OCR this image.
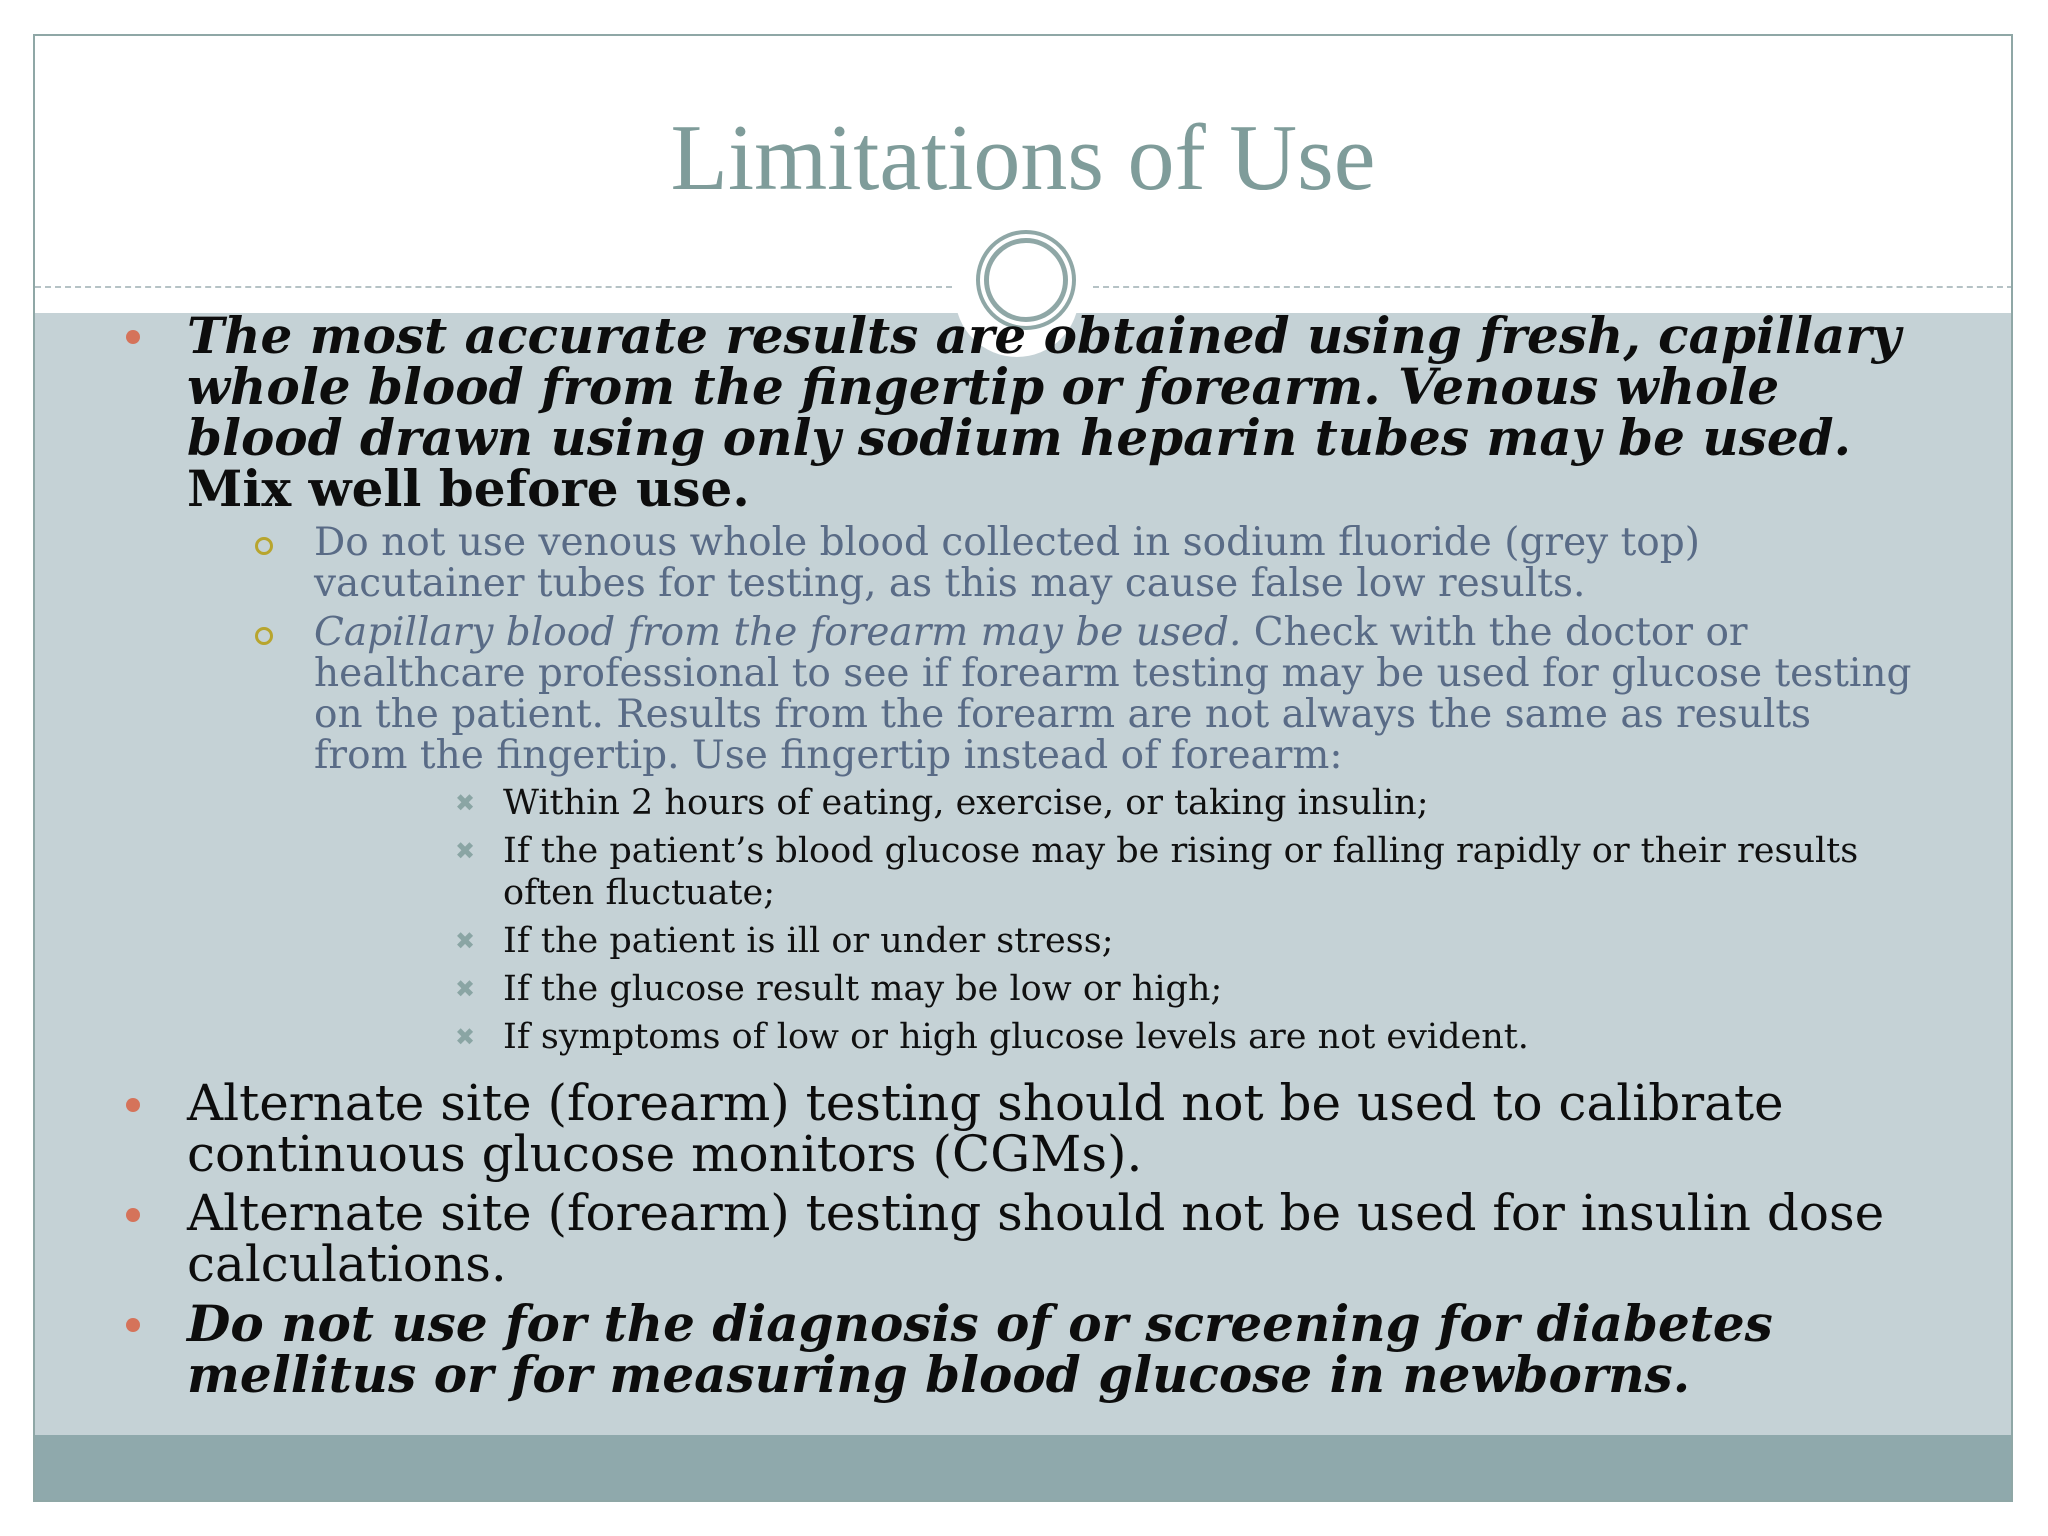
Limitations of Use
The most accurate results are obtained using fresh, capillary whole blood from the fingertip or forearm. Venous whole blood drawn using only sodium heparin tubes may be used. Mix well before use.
Do not use venous whole blood collected in sodium fluoride (grey top) vacutainer tubes for testing, as this may cause false low results.
Capillary blood from the forearm may be used. Check with the doctor or healthcare professional to see if forearm testing may be used for glucose testing on the patient. Results from the forearm are not always the same as results from the fingertip. Use fingertip instead of forearm:
✖ Within 2 hours of eating, exercise, or taking insulin;
✖ If the patient’s blood glucose may be rising or falling rapidly or their results often fluctuate;
✖ If the patient is ill or under stress;
✖ If the glucose result may be low or high;
✖ If symptoms of low or high glucose levels are not evident.
Alternate site (forearm) testing should not be used to calibrate continuous glucose monitors (CGMs).
Alternate site (forearm) testing should not be used for insulin dose calculations.
Do not use for the diagnosis of or screening for diabetes mellitus or for measuring blood glucose in newborns.
